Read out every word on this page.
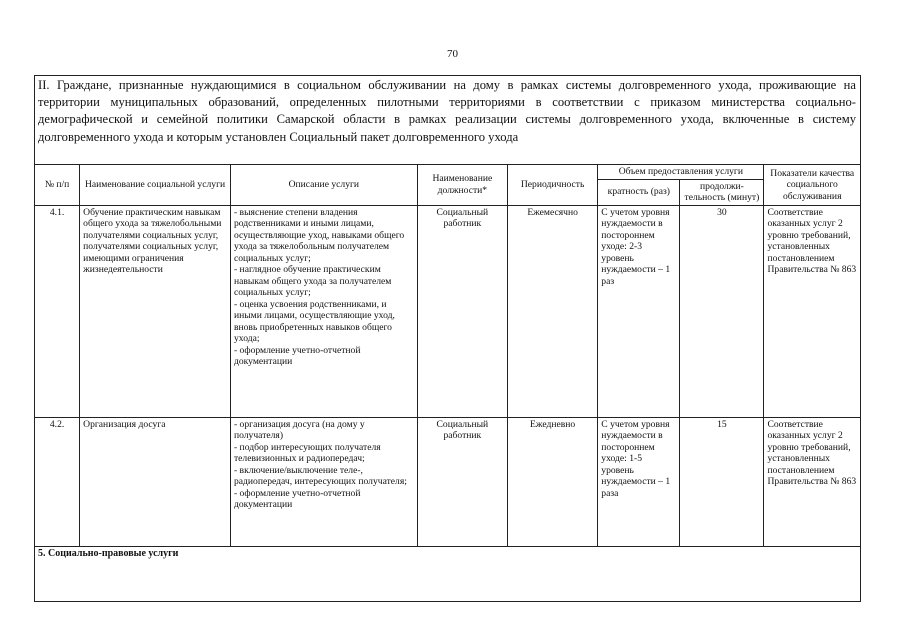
70
II. Граждане, признанные нуждающимися в социальном обслуживании на дому в рамках системы долговременного ухода, проживающие на территории муниципальных образований, определенных пилотными территориями в соответствии с приказом министерства социально-демографической и семейной политики Самарской области в рамках реализации системы долговременного ухода, включенные в систему долговременного ухода и которым установлен Социальный пакет долговременного ухода
№ п/п	Наименование социальной услуги	Описание услуги	Наименование должности*	Периодичность	Объем предоставления услуги		Показатели качества социального обслуживания
					кратность (раз)	продолжи-тельность (минут)	
4.1.	Обучение практическим навыкам общего ухода за тяжелобольными получателями социальных услуг, получателями социальных услуг, имеющими ограничения жизнедеятельности	- выяснение степени владения родственниками и иными лицами, осуществляющие уход, навыками общего ухода за тяжелобольным получателем социальных услуг;
- наглядное обучение практическим навыкам общего ухода за получателем социальных услуг;
- оценка усвоения родственниками, и иными лицами, осуществляющие уход, вновь приобретенных навыков общего ухода;
- оформление учетно-отчетной документации	Социальный работник	Ежемесячно	С учетом уровня нуждаемости в постороннем уходе: 2-3 уровень нуждаемости – 1 раз	30	Соответствие оказанных услуг 2 уровню требований, установленных постановлением Правительства № 863
4.2.	Организация досуга	- организация досуга (на дому у получателя)
- подбор интересующих получателя телевизионных и радиопередач;
- включение/выключение теле-, радиопередач, интересующих получателя;
- оформление учетно-отчетной документации	Социальный работник	Ежедневно	С учетом уровня нуждаемости в постороннем уходе: 1-5 уровень нуждаемости – 1 раза	15	Соответствие оказанных услуг 2 уровню требований, установленных постановлением Правительства № 863
5. Социально-правовые услуги							
